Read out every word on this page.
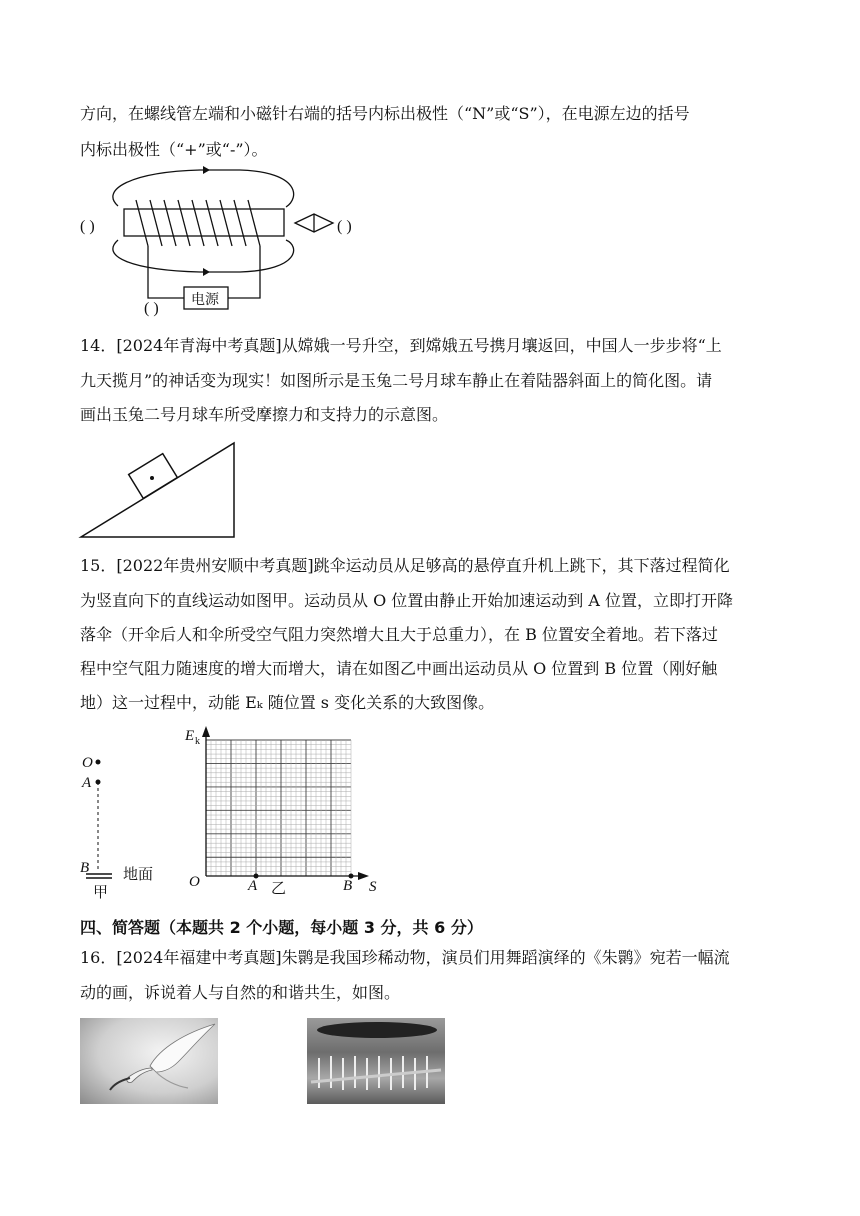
方向，在螺线管左端和小磁针右端的括号内标出极性（“N”或“S”），在电源左边的括号
内标出极性（“+”或“-”）。
( )	( )
( ) 电源
O
A
B 地面
甲
E k
O	A	B S
乙
14．[2024年青海中考真题]从嫦娥一号升空，到嫦娥五号携月壤返回，中国人一步步将“上
九天揽月”的神话变为现实！如图所示是玉兔二号月球车静止在着陆器斜面上的简化图。请
画出玉兔二号月球车所受摩擦力和支持力的示意图。
15．[2022年贵州安顺中考真题]跳伞运动员从足够高的悬停直升机上跳下，其下落过程简化
为竖直向下的直线运动如图甲。运动员从 O 位置由静止开始加速运动到 A 位置，立即打开降
落伞（开伞后人和伞所受空气阻力突然增大且大于总重力），在 B 位置安全着地。若下落过
程中空气阻力随速度的增大而增大，请在如图乙中画出运动员从 O 位置到 B 位置（刚好触
地）这一过程中，动能 Eₖ 随位置 s 变化关系的大致图像。
四、简答题（本题共 2 个小题，每小题 3 分，共 6 分）
16．[2024年福建中考真题]朱鹮是我国珍稀动物，演员们用舞蹈演绎的《朱鹮》宛若一幅流
动的画，诉说着人与自然的和谐共生，如图。
